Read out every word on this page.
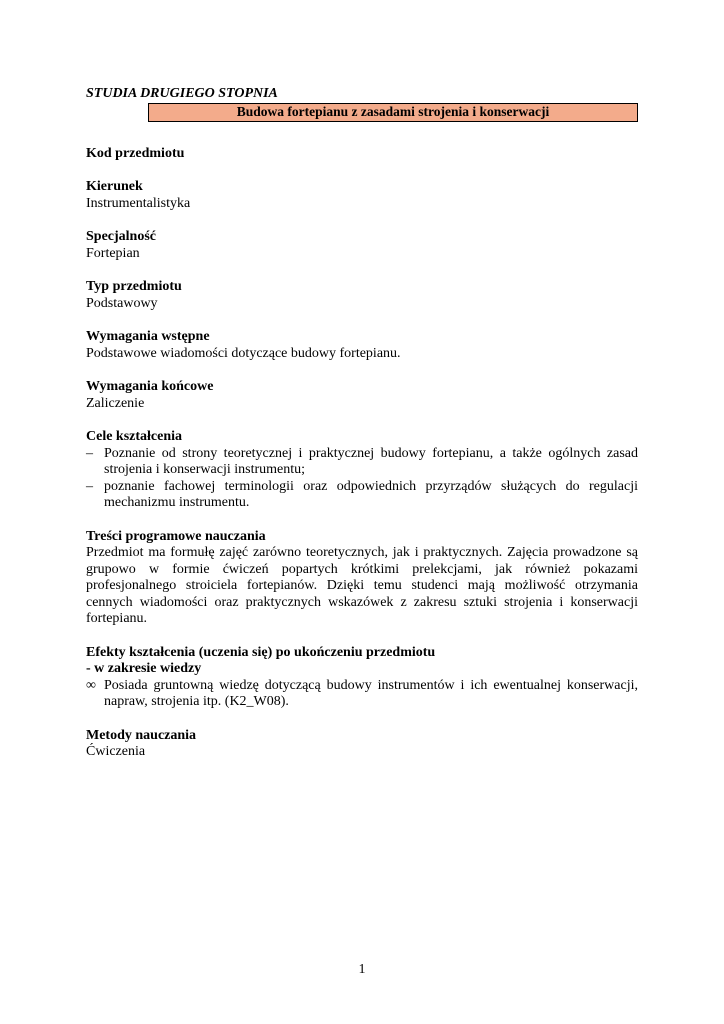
STUDIA DRUGIEGO STOPNIA

Budowa fortepianu z zasadami strojenia i konserwacji

Kod przedmiotu

Kierunek

Instrumentalistyka

Specjalność

Fortepian

Typ przedmiotu

Podstawowy

Wymagania wstępne

Podstawowe wiadomości dotyczące budowy fortepianu.

Wymagania końcowe

Zaliczenie

Cele kształcenia

– Poznanie od strony teoretycznej i praktycznej budowy fortepianu, a także ogólnych zasad strojenia i konserwacji instrumentu;
– poznanie fachowej terminologii oraz odpowiednich przyrządów służących do regulacji mechanizmu instrumentu.

Treści programowe nauczania

Przedmiot ma formułę zajęć zarówno teoretycznych, jak i praktycznych. Zajęcia prowadzone są grupowo w formie ćwiczeń popartych krótkimi prelekcjami, jak również pokazami profesjonalnego stroiciela fortepianów. Dzięki temu studenci mają możliwość otrzymania cennych wiadomości oraz praktycznych wskazówek z zakresu sztuki strojenia i konserwacji fortepianu.

Efekty kształcenia (uczenia się) po ukończeniu przedmiotu

- w zakresie wiedzy

∞ Posiada gruntowną wiedzę dotyczącą budowy instrumentów i ich ewentualnej konserwacji, napraw, strojenia itp. (K2_W08).

Metody nauczania

Ćwiczenia

1
